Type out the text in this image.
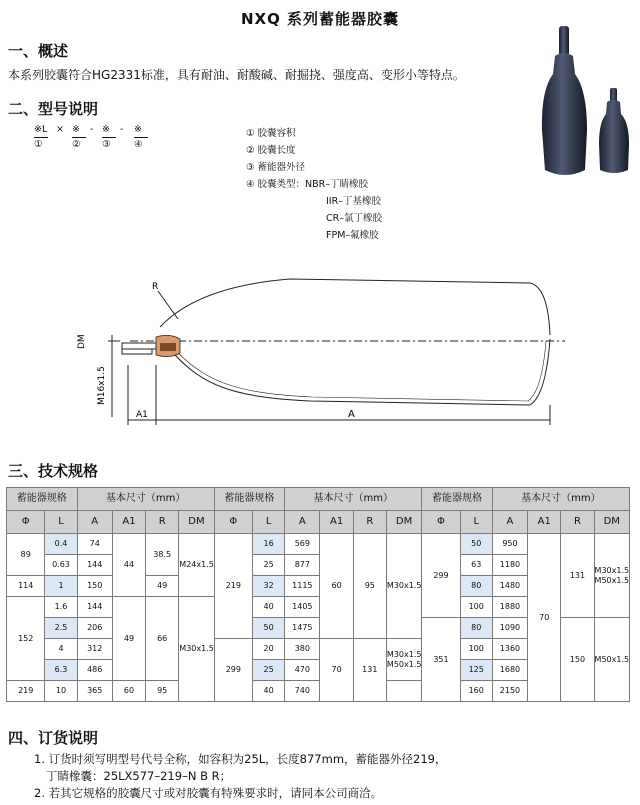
NXQ 系列蓄能器胶囊
一、概述
本系列胶囊符合HG2331标准，具有耐油、耐酸碱、耐掘挠、强度高、变形小等特点。
二、型号说明
※L × ※ - ※ - ※
①	② ③ ④
① 胶囊容积
② 胶囊长度
③ 蓄能器外径
④ 胶囊类型：NBR–丁睛橡胶
IIR–丁基橡胶
CR–氯丁橡胶
FPM–氟橡胶
R
DM
M16x1.5
A1	A
三、技术规格
蓄能器规格		基本尺寸（mm）				蓄能器规格		基本尺寸（mm）				蓄能器规格		基本尺寸（mm）			
Φ	L	A	A1	R	DM	Φ	L	A	A1	R	DM	Φ	L	A	A1	R	DM
89	0.4	74	44	38.5	M24x1.5	219	16	569	60	95	M30x1.5	299	50	950	70	131	M30x1.5 M50x1.5
	0.63	144					25	877					63	1180			
114	1	150		49			32	1115					80	1480			
152	1.6	144	49	66	M30x1.5		40	1405					100	1880			
	2.5	206					50	1475				351	80	1090		150	M50x1.5
	4	312				299	20	380	70	131	M30x1.5 M50x1.5		100	1360			
	6.3	486					25	470					125	1680			
219	10	365	60	95			40	740					160	2150			
四、订货说明
1. 订货时须写明型号代号全称，如容积为25L，长度877mm，蓄能器外径219，
丁睛橡囊：25LX577–219–N B R；
2. 若其它规格的胶囊尺寸或对胶囊有特殊要求时，请同本公司商洽。
